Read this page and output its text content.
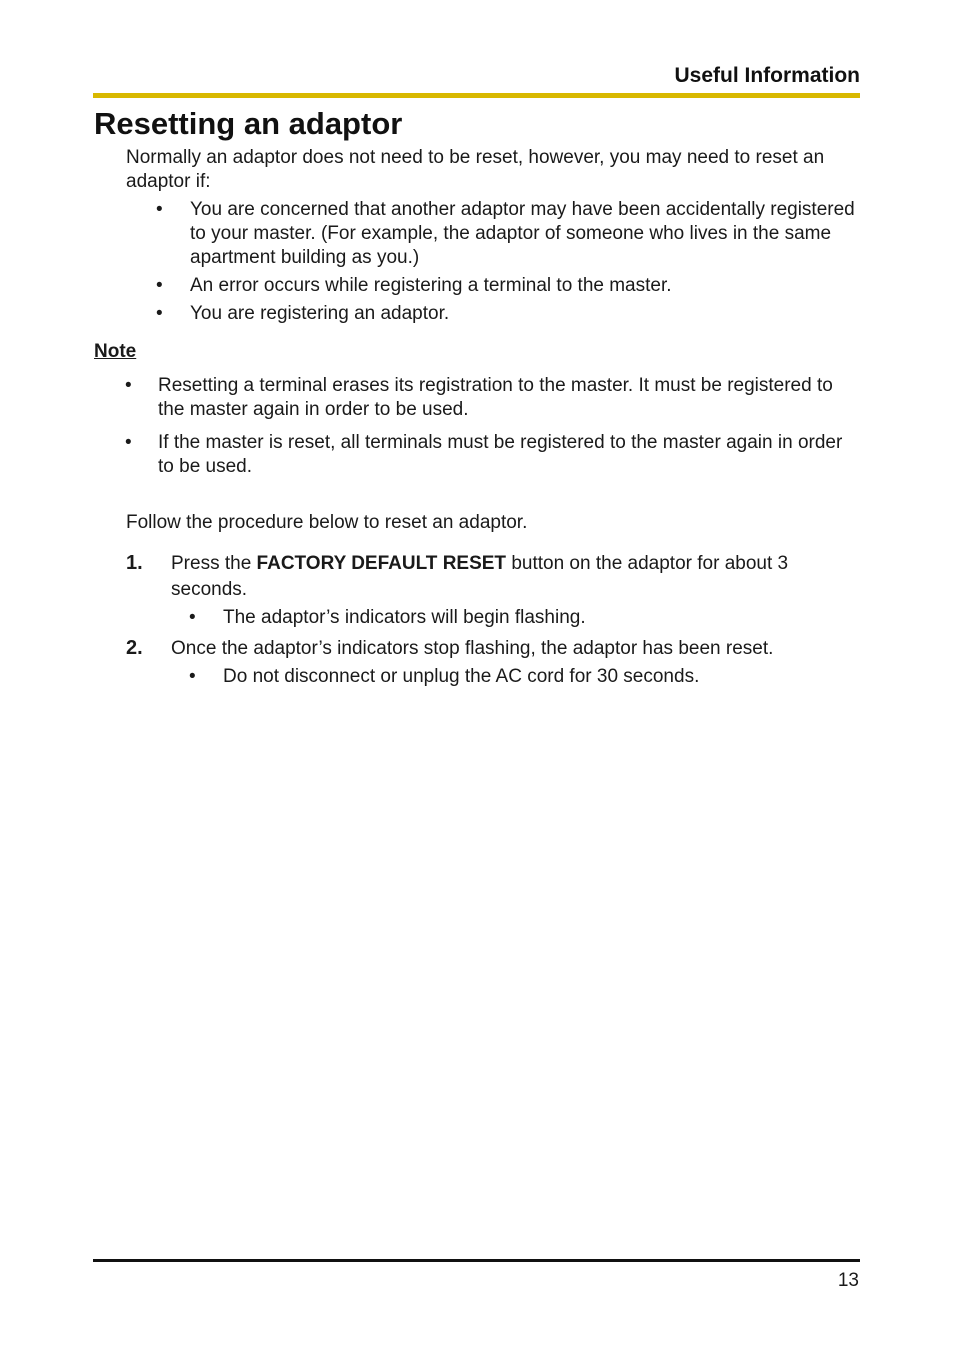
Useful Information
Resetting an adaptor

Normally an adaptor does not need to be reset, however, you may need to reset an adaptor if:

• You are concerned that another adaptor may have been accidentally registered to your master. (For example, the adaptor of someone who lives in the same apartment building as you.)
• An error occurs while registering a terminal to the master.
• You are registering an adaptor.
Note
• Resetting a terminal erases its registration to the master. It must be registered to the master again in order to be used.
• If the master is reset, all terminals must be registered to the master again in order to be used.

Follow the procedure below to reset an adaptor.

1. Press the FACTORY DEFAULT RESET button on the adaptor for about 3 seconds.
• The adaptor’s indicators will begin flashing.
2. Once the adaptor’s indicators stop flashing, the adaptor has been reset.
• Do not disconnect or unplug the AC cord for 30 seconds.
13
